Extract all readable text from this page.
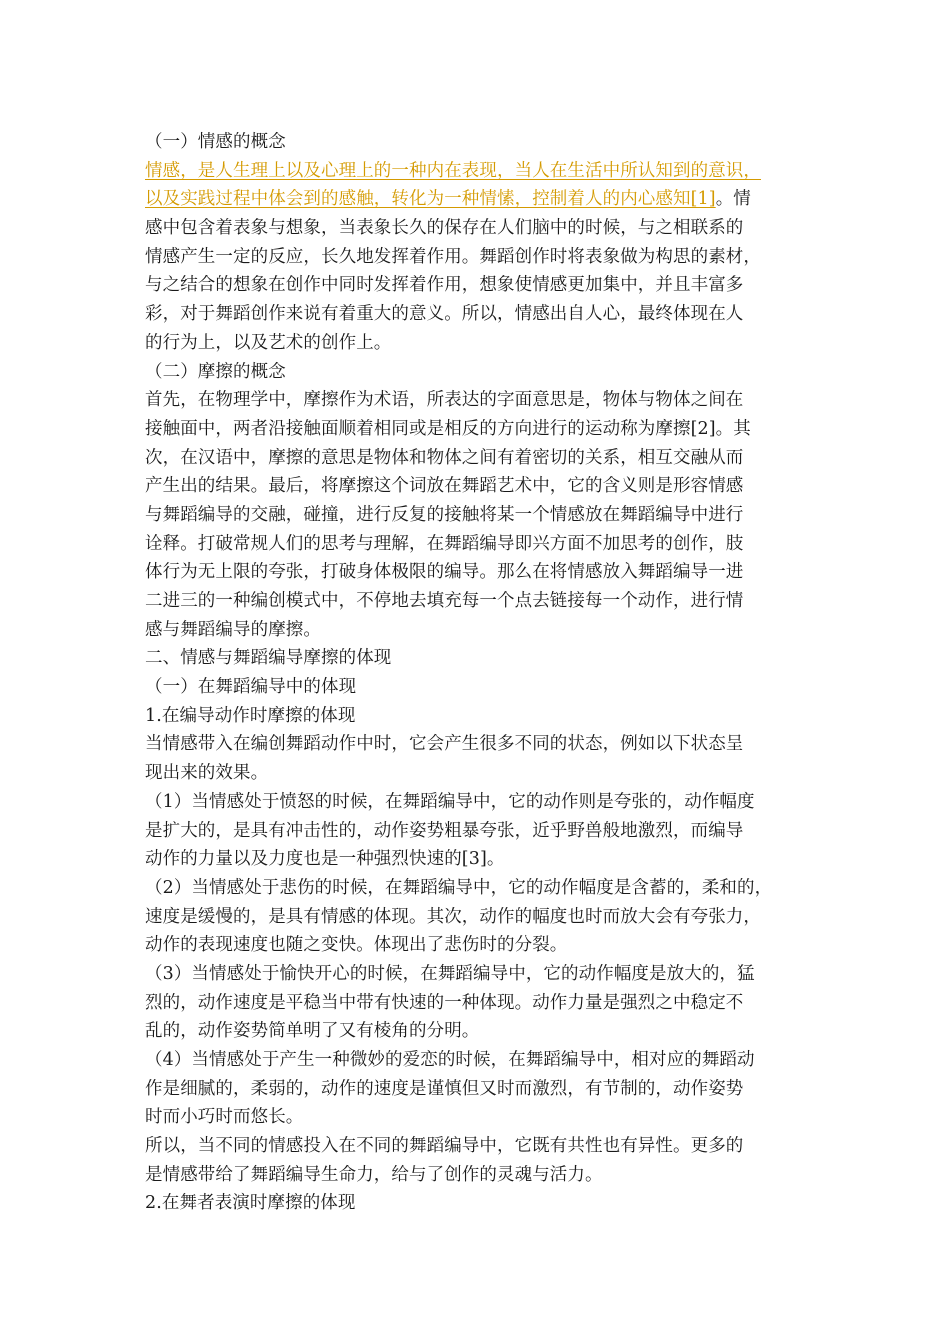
（一）情感的概念
情感，是人生理上以及心理上的一种内在表现，当人在生活中所认知到的意识，
以及实践过程中体会到的感触，转化为一种情愫，控制着人的内心感知[1]。情
感中包含着表象与想象，当表象长久的保存在人们脑中的时候，与之相联系的
情感产生一定的反应，长久地发挥着作用。舞蹈创作时将表象做为构思的素材，
与之结合的想象在创作中同时发挥着作用，想象使情感更加集中，并且丰富多
彩，对于舞蹈创作来说有着重大的意义。所以，情感出自人心，最终体现在人
的行为上，以及艺术的创作上。
（二）摩擦的概念
首先，在物理学中，摩擦作为术语，所表达的字面意思是，物体与物体之间在
接触面中，两者沿接触面顺着相同或是相反的方向进行的运动称为摩擦[2]。其
次，在汉语中，摩擦的意思是物体和物体之间有着密切的关系，相互交融从而
产生出的结果。最后，将摩擦这个词放在舞蹈艺术中，它的含义则是形容情感
与舞蹈编导的交融，碰撞，进行反复的接触将某一个情感放在舞蹈编导中进行
诠释。打破常规人们的思考与理解，在舞蹈编导即兴方面不加思考的创作，肢
体行为无上限的夸张，打破身体极限的编导。那么在将情感放入舞蹈编导一进
二进三的一种编创模式中，不停地去填充每一个点去链接每一个动作，进行情
感与舞蹈编导的摩擦。
二、情感与舞蹈编导摩擦的体现
（一）在舞蹈编导中的体现
1.在编导动作时摩擦的体现
当情感带入在编创舞蹈动作中时，它会产生很多不同的状态，例如以下状态呈
现出来的效果。
（1）当情感处于愤怒的时候，在舞蹈编导中，它的动作则是夸张的，动作幅度
是扩大的，是具有冲击性的，动作姿势粗暴夸张，近乎野兽般地激烈，而编导
动作的力量以及力度也是一种强烈快速的[3]。
（2）当情感处于悲伤的时候，在舞蹈编导中，它的动作幅度是含蓄的，柔和的，
速度是缓慢的，是具有情感的体现。其次，动作的幅度也时而放大会有夸张力，
动作的表现速度也随之变快。体现出了悲伤时的分裂。
（3）当情感处于愉快开心的时候，在舞蹈编导中，它的动作幅度是放大的，猛
烈的，动作速度是平稳当中带有快速的一种体现。动作力量是强烈之中稳定不
乱的，动作姿势简单明了又有棱角的分明。
（4）当情感处于产生一种微妙的爱恋的时候，在舞蹈编导中，相对应的舞蹈动
作是细腻的，柔弱的，动作的速度是谨慎但又时而激烈，有节制的，动作姿势
时而小巧时而悠长。
所以，当不同的情感投入在不同的舞蹈编导中，它既有共性也有异性。更多的
是情感带给了舞蹈编导生命力，给与了创作的灵魂与活力。
2.在舞者表演时摩擦的体现
